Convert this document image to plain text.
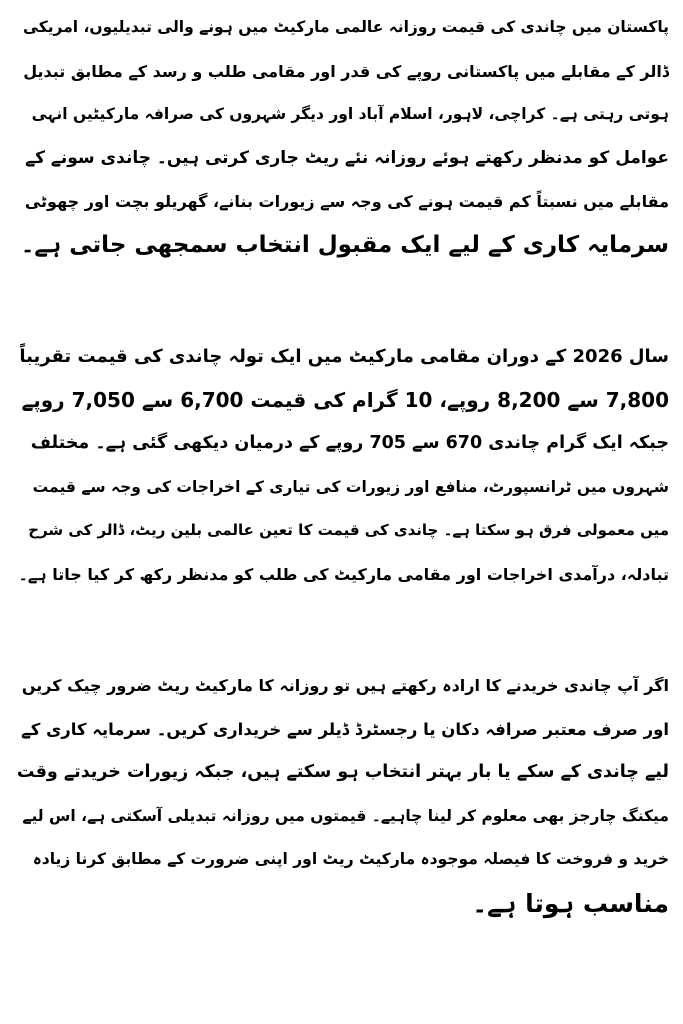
پاکستان میں چاندی کی قیمت روزانہ عالمی مارکیٹ میں ہونے والی تبدیلیوں، امریکی
ڈالر کے مقابلے میں پاکستانی روپے کی قدر اور مقامی طلب و رسد کے مطابق تبدیل
ہوتی رہتی ہے۔ کراچی، لاہور، اسلام آباد اور دیگر شہروں کی صرافہ مارکیٹیں انہی
عوامل کو مدنظر رکھتے ہوئے روزانہ نئے ریٹ جاری کرتی ہیں۔ چاندی سونے کے
مقابلے میں نسبتاً کم قیمت ہونے کی وجہ سے زیورات بنانے، گھریلو بچت اور چھوٹی
سرمایہ کاری کے لیے ایک مقبول انتخاب سمجھی جاتی ہے۔
سال 2026 کے دوران مقامی مارکیٹ میں ایک تولہ چاندی کی قیمت تقریباً
7,800 سے 8,200 روپے، 10 گرام کی قیمت 6,700 سے 7,050 روپے
جبکہ ایک گرام چاندی 670 سے 705 روپے کے درمیان دیکھی گئی ہے۔ مختلف
شہروں میں ٹرانسپورٹ، منافع اور زیورات کی تیاری کے اخراجات کی وجہ سے قیمت
میں معمولی فرق ہو سکتا ہے۔ چاندی کی قیمت کا تعین عالمی بلین ریٹ، ڈالر کی شرح
تبادلہ، درآمدی اخراجات اور مقامی مارکیٹ کی طلب کو مدنظر رکھ کر کیا جاتا ہے۔
اگر آپ چاندی خریدنے کا ارادہ رکھتے ہیں تو روزانہ کا مارکیٹ ریٹ ضرور چیک کریں
اور صرف معتبر صرافہ دکان یا رجسٹرڈ ڈیلر سے خریداری کریں۔ سرمایہ کاری کے
لیے چاندی کے سکے یا بار بہتر انتخاب ہو سکتے ہیں، جبکہ زیورات خریدتے وقت
میکنگ چارجز بھی معلوم کر لینا چاہیے۔ قیمتوں میں روزانہ تبدیلی آسکتی ہے، اس لیے
خرید و فروخت کا فیصلہ موجودہ مارکیٹ ریٹ اور اپنی ضرورت کے مطابق کرنا زیادہ
مناسب ہوتا ہے۔
